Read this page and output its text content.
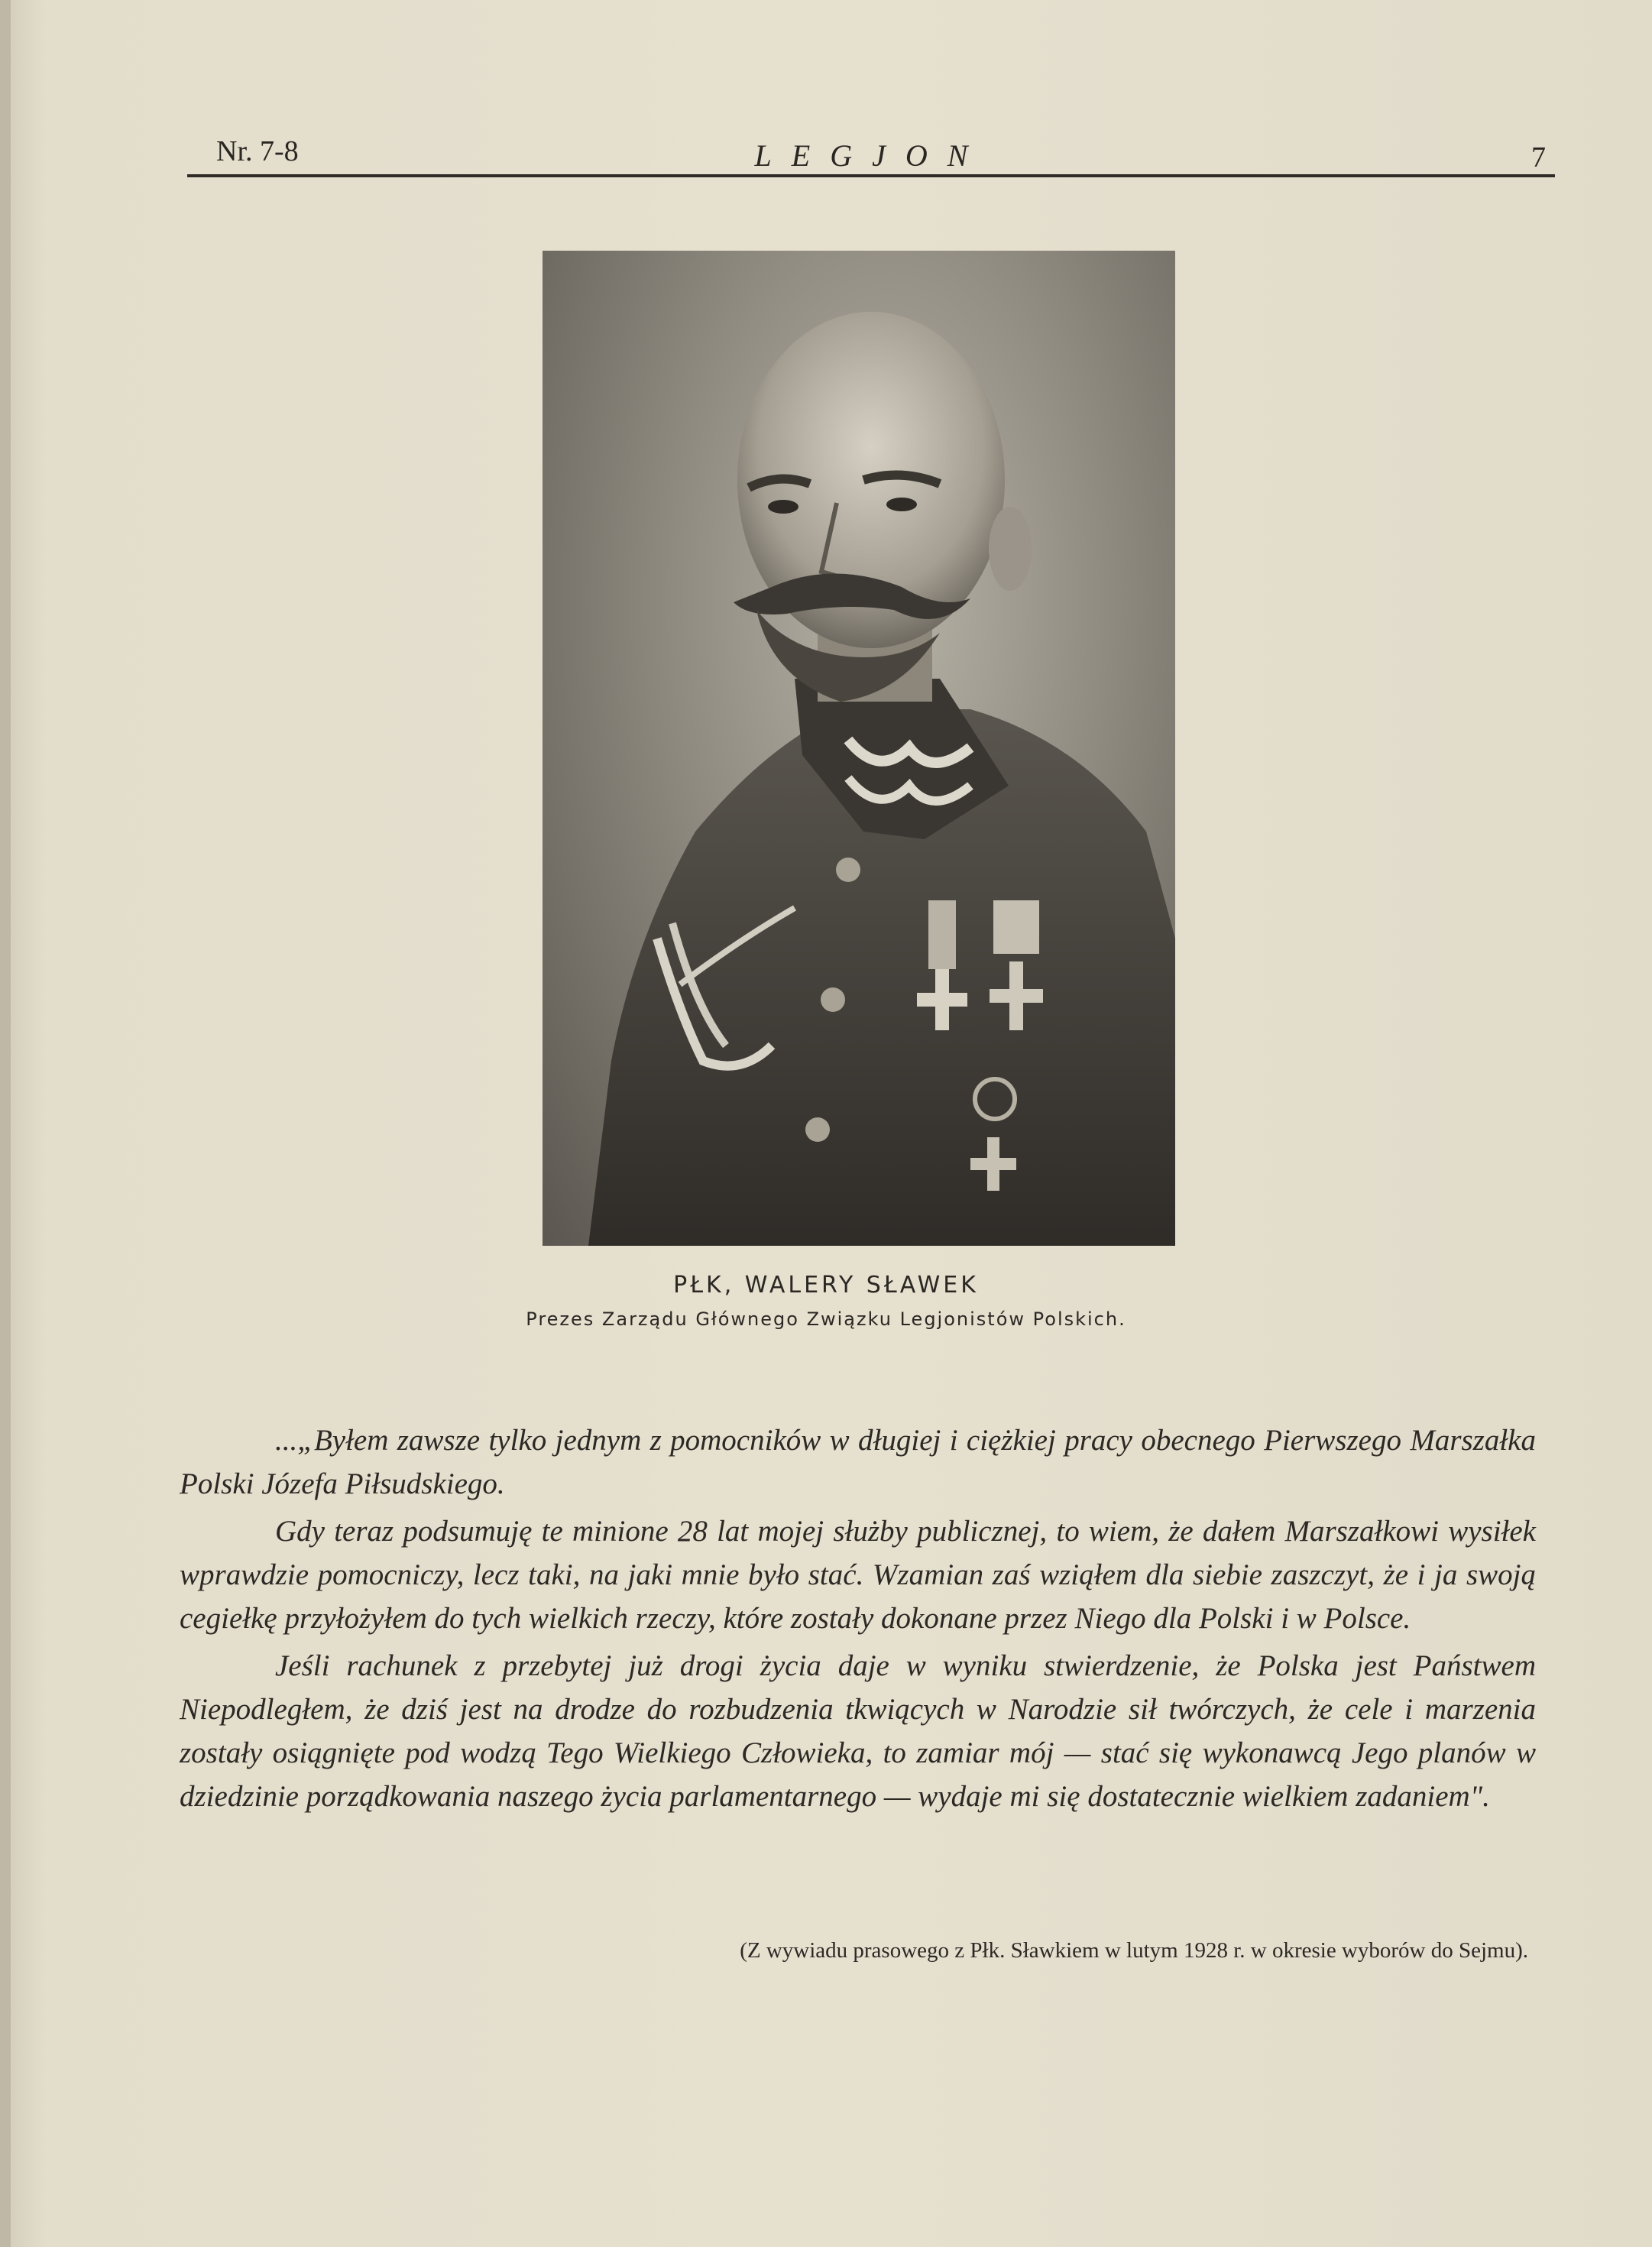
Nr. 7-8	LEGJON	7
PŁK, WALERY SŁAWEK
Prezes Zarządu Głównego Związku Legjonistów Polskich.

...„Byłem zawsze tylko jednym z pomocników w długiej i ciężkiej pracy obecnego Pierwszego Marszałka Polski Józefa Piłsudskiego.

Gdy teraz podsumuję te minione 28 lat mojej służby publicznej, to wiem, że dałem Marszałkowi wysiłek wprawdzie pomocniczy, lecz taki, na jaki mnie było stać. Wzamian zaś wziąłem dla siebie zaszczyt, że i ja swoją cegiełkę przyłożyłem do tych wielkich rzeczy, które zostały dokonane przez Niego dla Polski i w Polsce.

Jeśli rachunek z przebytej już drogi życia daje w wyniku stwierdzenie, że Polska jest Państwem Niepodległem, że dziś jest na drodze do rozbudzenia tkwiących w Narodzie sił twórczych, że cele i marzenia zostały osiągnięte pod wodzą Tego Wielkiego Człowieka, to zamiar mój — stać się wykonawcą Jego planów w dziedzinie porządkowania naszego życia parlamentarnego — wydaje mi się dostatecznie wielkiem zadaniem".

(Z wywiadu prasowego z Płk. Sławkiem w lutym 1928 r. w okresie wyborów do Sejmu).
